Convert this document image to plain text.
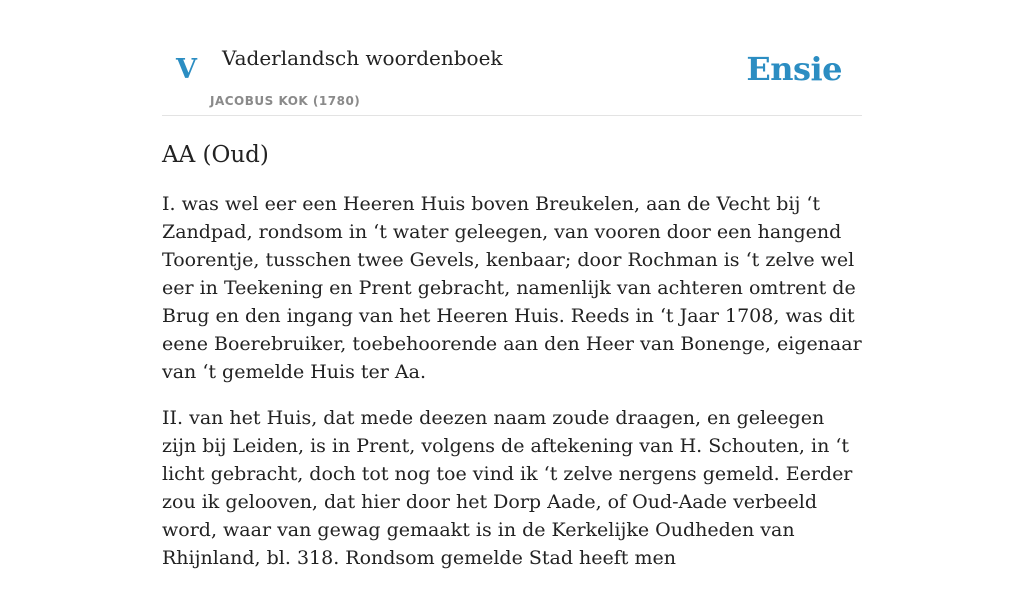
V Vaderlandsch woordenboek
JACOBUS KOK (1780)
Ensie
AA (Oud)

I. was wel eer een Heeren Huis boven Breukelen, aan de Vecht bij ‘t Zandpad, rondsom in ‘t water geleegen, van vooren door een hangend Toorentje, tusschen twee Gevels, kenbaar; door Rochman is ‘t zelve wel eer in Teekening en Prent gebracht, namenlijk van achteren omtrent de Brug en den ingang van het Heeren Huis. Reeds in ‘t Jaar 1708, was dit eene Boerebruiker, toebehoorende aan den Heer van Bonenge, eigenaar van ‘t gemelde Huis ter Aa.

II. van het Huis, dat mede deezen naam zoude draagen, en geleegen zijn bij Leiden, is in Prent, volgens de aftekening van H. Schouten, in ‘t licht gebracht, doch tot nog toe vind ik ‘t zelve nergens gemeld. Eerder zou ik gelooven, dat hier door het Dorp Aade, of Oud-Aade verbeeld word, waar van gewag gemaakt is in de Kerkelijke Oudheden van Rhijnland, bl. 318. Rondsom gemelde Stad heeft men
